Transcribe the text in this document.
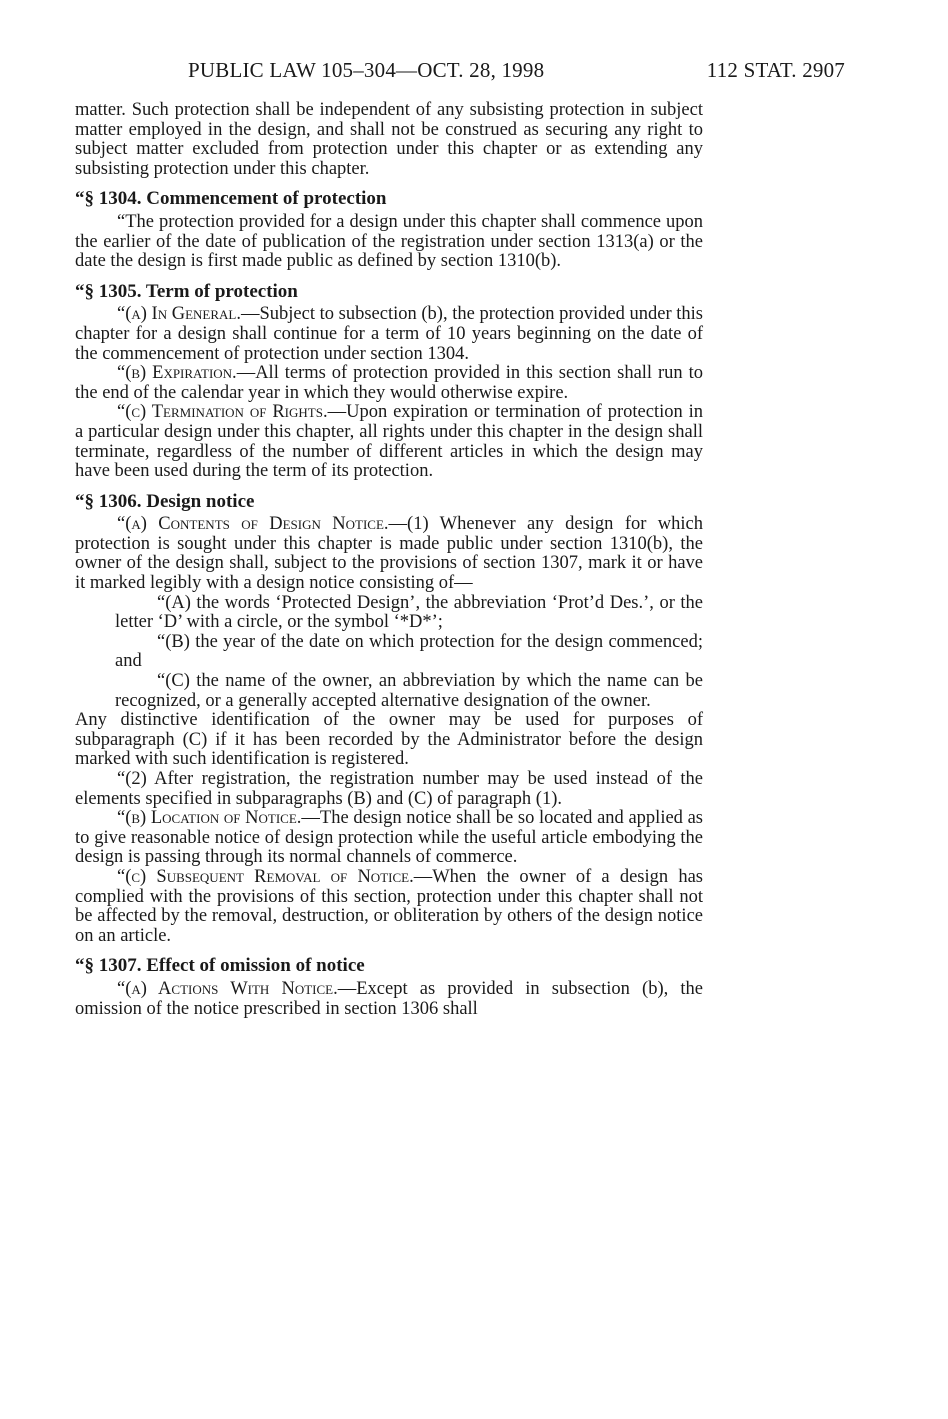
PUBLIC LAW 105–304—OCT. 28, 1998	112 STAT. 2907

matter. Such protection shall be independent of any subsisting protection in subject matter employed in the design, and shall not be construed as securing any right to subject matter excluded from protection under this chapter or as extending any subsisting protection under this chapter.

“§ 1304. Commencement of protection

“The protection provided for a design under this chapter shall commence upon the earlier of the date of publication of the registration under section 1313(a) or the date the design is first made public as defined by section 1310(b).

“§ 1305. Term of protection

“(a) In General.—Subject to subsection (b), the protection provided under this chapter for a design shall continue for a term of 10 years beginning on the date of the commencement of protection under section 1304.

“(b) Expiration.—All terms of protection provided in this section shall run to the end of the calendar year in which they would otherwise expire.

“(c) Termination of Rights.—Upon expiration or termination of protection in a particular design under this chapter, all rights under this chapter in the design shall terminate, regardless of the number of different articles in which the design may have been used during the term of its protection.

“§ 1306. Design notice

“(a) Contents of Design Notice.—(1) Whenever any design for which protection is sought under this chapter is made public under section 1310(b), the owner of the design shall, subject to the provisions of section 1307, mark it or have it marked legibly with a design notice consisting of—

“(A) the words ‘Protected Design’, the abbreviation ‘Prot’d Des.’, or the letter ‘D’ with a circle, or the symbol ‘*D*’;

“(B) the year of the date on which protection for the design commenced; and

“(C) the name of the owner, an abbreviation by which the name can be recognized, or a generally accepted alternative designation of the owner.

Any distinctive identification of the owner may be used for purposes of subparagraph (C) if it has been recorded by the Administrator before the design marked with such identification is registered.

“(2) After registration, the registration number may be used instead of the elements specified in subparagraphs (B) and (C) of paragraph (1).

“(b) Location of Notice.—The design notice shall be so located and applied as to give reasonable notice of design protection while the useful article embodying the design is passing through its normal channels of commerce.

“(c) Subsequent Removal of Notice.—When the owner of a design has complied with the provisions of this section, protection under this chapter shall not be affected by the removal, destruction, or obliteration by others of the design notice on an article.

“§ 1307. Effect of omission of notice

“(a) Actions With Notice.—Except as provided in subsection (b), the omission of the notice prescribed in section 1306 shall
